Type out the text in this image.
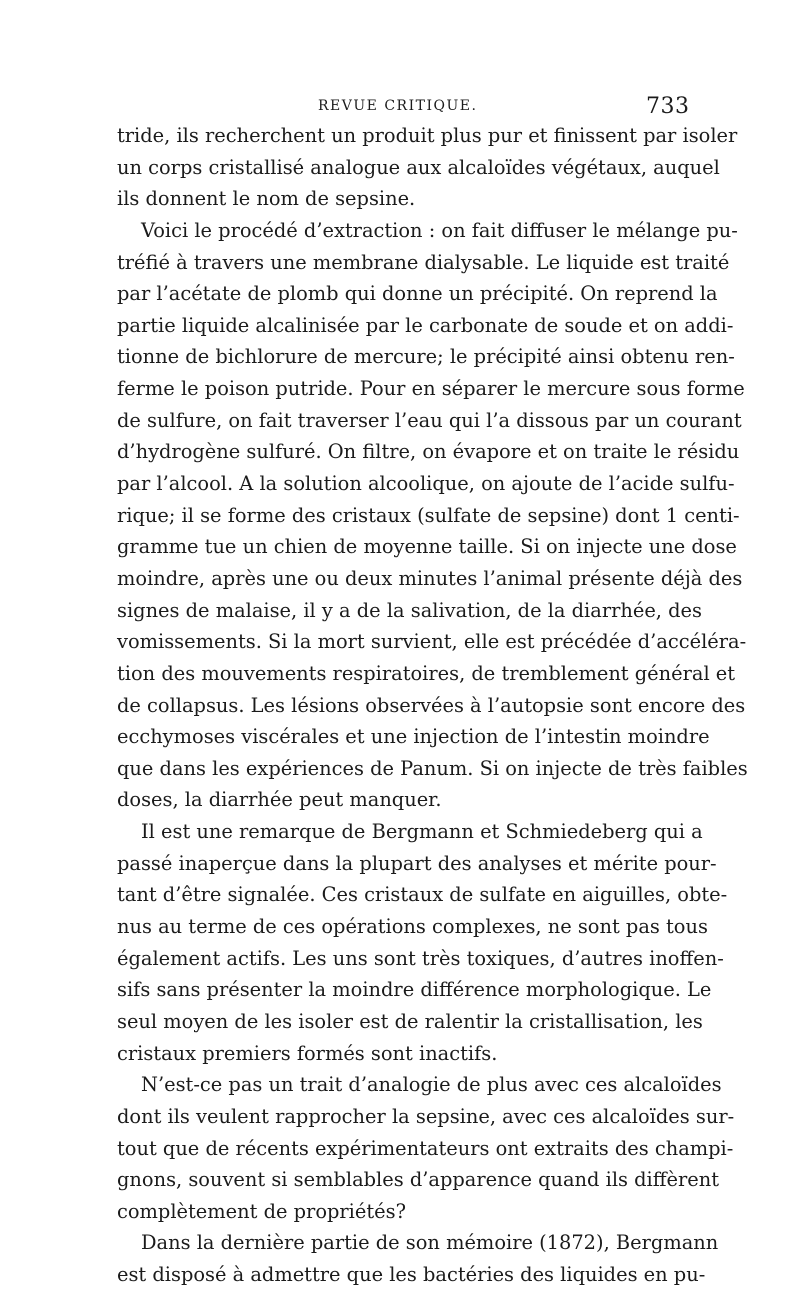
REVUE CRITIQUE.	733
tride, ils recherchent un produit plus pur et finissent par isoler
un corps cristallisé analogue aux alcaloïdes végétaux, auquel
ils donnent le nom de sepsine.
Voici le procédé d’extraction : on fait diffuser le mélange pu-
tréfié à travers une membrane dialysable. Le liquide est traité
par l’acétate de plomb qui donne un précipité. On reprend la
partie liquide alcalinisée par le carbonate de soude et on addi-
tionne de bichlorure de mercure; le précipité ainsi obtenu ren-
ferme le poison putride. Pour en séparer le mercure sous forme
de sulfure, on fait traverser l’eau qui l’a dissous par un courant
d’hydrogène sulfuré. On filtre, on évapore et on traite le résidu
par l’alcool. A la solution alcoolique, on ajoute de l’acide sulfu-
rique; il se forme des cristaux (sulfate de sepsine) dont 1 centi-
gramme tue un chien de moyenne taille. Si on injecte une dose
moindre, après une ou deux minutes l’animal présente déjà des
signes de malaise, il y a de la salivation, de la diarrhée, des
vomissements. Si la mort survient, elle est précédée d’accéléra-
tion des mouvements respiratoires, de tremblement général et
de collapsus. Les lésions observées à l’autopsie sont encore des
ecchymoses viscérales et une injection de l’intestin moindre
que dans les expériences de Panum. Si on injecte de très faibles
doses, la diarrhée peut manquer.
Il est une remarque de Bergmann et Schmiedeberg qui a
passé inaperçue dans la plupart des analyses et mérite pour-
tant d’être signalée. Ces cristaux de sulfate en aiguilles, obte-
nus au terme de ces opérations complexes, ne sont pas tous
également actifs. Les uns sont très toxiques, d’autres inoffen-
sifs sans présenter la moindre différence morphologique. Le
seul moyen de les isoler est de ralentir la cristallisation, les
cristaux premiers formés sont inactifs.
N’est-ce pas un trait d’analogie de plus avec ces alcaloïdes
dont ils veulent rapprocher la sepsine, avec ces alcaloïdes sur-
tout que de récents expérimentateurs ont extraits des champi-
gnons, souvent si semblables d’apparence quand ils diffèrent
complètement de propriétés?
Dans la dernière partie de son mémoire (1872), Bergmann
est disposé à admettre que les bactéries des liquides en pu-
